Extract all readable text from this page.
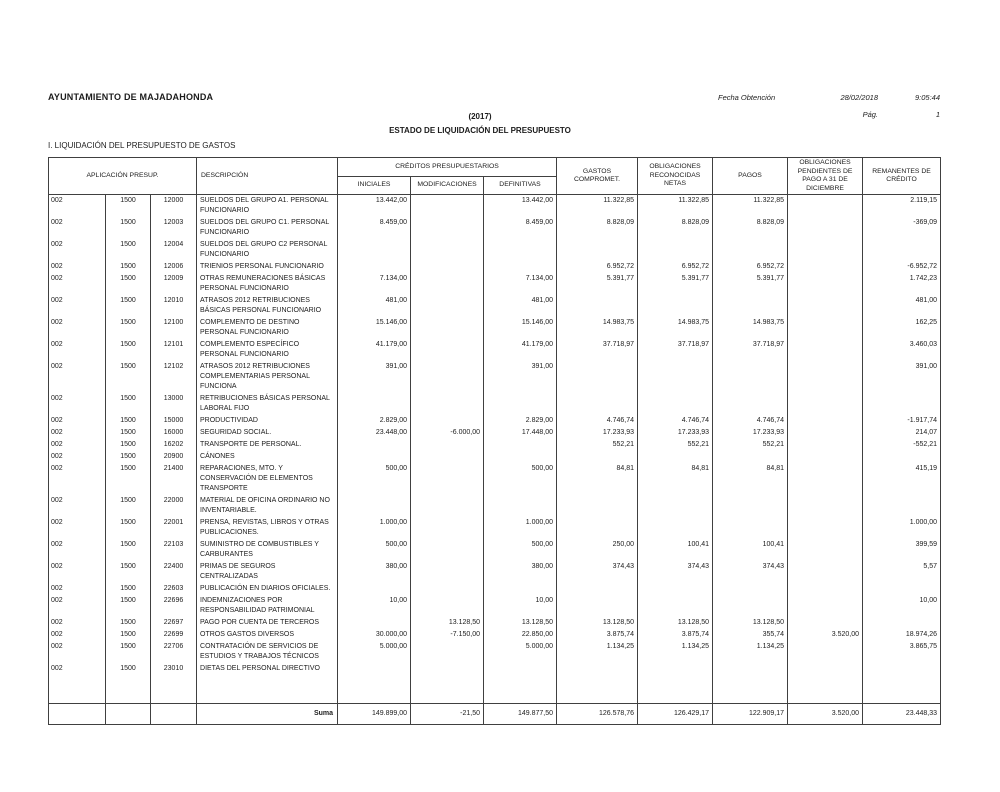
AYUNTAMIENTO DE MAJADAHONDA	Fecha Obtención	28/02/2018	9:05:44
Pág.	1
(2017)
ESTADO DE LIQUIDACIÓN DEL PRESUPUESTO
I. LIQUIDACIÓN DEL PRESUPUESTO DE GASTOS
APLICACIÓN PRESUP.			DESCRIPCIÓN	CRÉDITOS PRESUPUESTARIOS			GASTOS COMPROMET.	OBLIGACIONES RECONOCIDAS NETAS	PAGOS	OBLIGACIONES PENDIENTES DE PAGO A 31 DE DICIEMBRE	REMANENTES DE CRÉDITO
				INICIALES	MODIFICACIONES	DEFINITIVAS					
002	1500	12000	SUELDOS DEL GRUPO A1. PERSONAL FUNCIONARIO	13.442,00		13.442,00	11.322,85	11.322,85	11.322,85		2.119,15
002	1500	12003	SUELDOS DEL GRUPO C1. PERSONAL FUNCIONARIO	8.459,00		8.459,00	8.828,09	8.828,09	8.828,09		-369,09
002	1500	12004	SUELDOS DEL GRUPO C2 PERSONAL FUNCIONARIO								
002	1500	12006	TRIENIOS PERSONAL FUNCIONARIO				6.952,72	6.952,72	6.952,72		-6.952,72
002	1500	12009	OTRAS REMUNERACIONES BÁSICAS PERSONAL FUNCIONARIO	7.134,00		7.134,00	5.391,77	5.391,77	5.391,77		1.742,23
002	1500	12010	ATRASOS 2012 RETRIBUCIONES BÁSICAS PERSONAL FUNCIONARIO	481,00		481,00					481,00
002	1500	12100	COMPLEMENTO DE DESTINO PERSONAL FUNCIONARIO	15.146,00		15.146,00	14.983,75	14.983,75	14.983,75		162,25
002	1500	12101	COMPLEMENTO ESPECÍFICO PERSONAL FUNCIONARIO	41.179,00		41.179,00	37.718,97	37.718,97	37.718,97		3.460,03
002	1500	12102	ATRASOS 2012 RETRIBUCIONES COMPLEMENTARIAS PERSONAL FUNCIONA	391,00		391,00					391,00
002	1500	13000	RETRIBUCIONES BÁSICAS PERSONAL LABORAL FIJO								
002	1500	15000	PRODUCTIVIDAD	2.829,00		2.829,00	4.746,74	4.746,74	4.746,74		-1.917,74
002	1500	16000	SEGURIDAD SOCIAL.	23.448,00	-6.000,00	17.448,00	17.233,93	17.233,93	17.233,93		214,07
002	1500	16202	TRANSPORTE DE PERSONAL.				552,21	552,21	552,21		-552,21
002	1500	20900	CÁNONES								
002	1500	21400	REPARACIONES, MTO. Y CONSERVACIÓN DE ELEMENTOS TRANSPORTE	500,00		500,00	84,81	84,81	84,81		415,19
002	1500	22000	MATERIAL DE OFICINA ORDINARIO NO INVENTARIABLE.								
002	1500	22001	PRENSA, REVISTAS, LIBROS Y OTRAS PUBLICACIONES.	1.000,00		1.000,00					1.000,00
002	1500	22103	SUMINISTRO DE COMBUSTIBLES Y CARBURANTES	500,00		500,00	250,00	100,41	100,41		399,59
002	1500	22400	PRIMAS DE SEGUROS CENTRALIZADAS	380,00		380,00	374,43	374,43	374,43		5,57
002	1500	22603	PUBLICACIÓN EN DIARIOS OFICIALES.								
002	1500	22696	INDEMNIZACIONES POR RESPONSABILIDAD PATRIMONIAL	10,00		10,00					10,00
002	1500	22697	PAGO POR CUENTA DE TERCEROS		13.128,50	13.128,50	13.128,50	13.128,50	13.128,50		
002	1500	22699	OTROS GASTOS DIVERSOS	30.000,00	-7.150,00	22.850,00	3.875,74	3.875,74	355,74	3.520,00	18.974,26
002	1500	22706	CONTRATACIÓN DE SERVICIOS DE ESTUDIOS Y TRABAJOS TÉCNICOS	5.000,00		5.000,00	1.134,25	1.134,25	1.134,25		3.865,75
002	1500	23010	DIETAS DEL PERSONAL DIRECTIVO								

			Suma	149.899,00	-21,50	149.877,50	126.578,76	126.429,17	122.909,17	3.520,00	23.448,33
